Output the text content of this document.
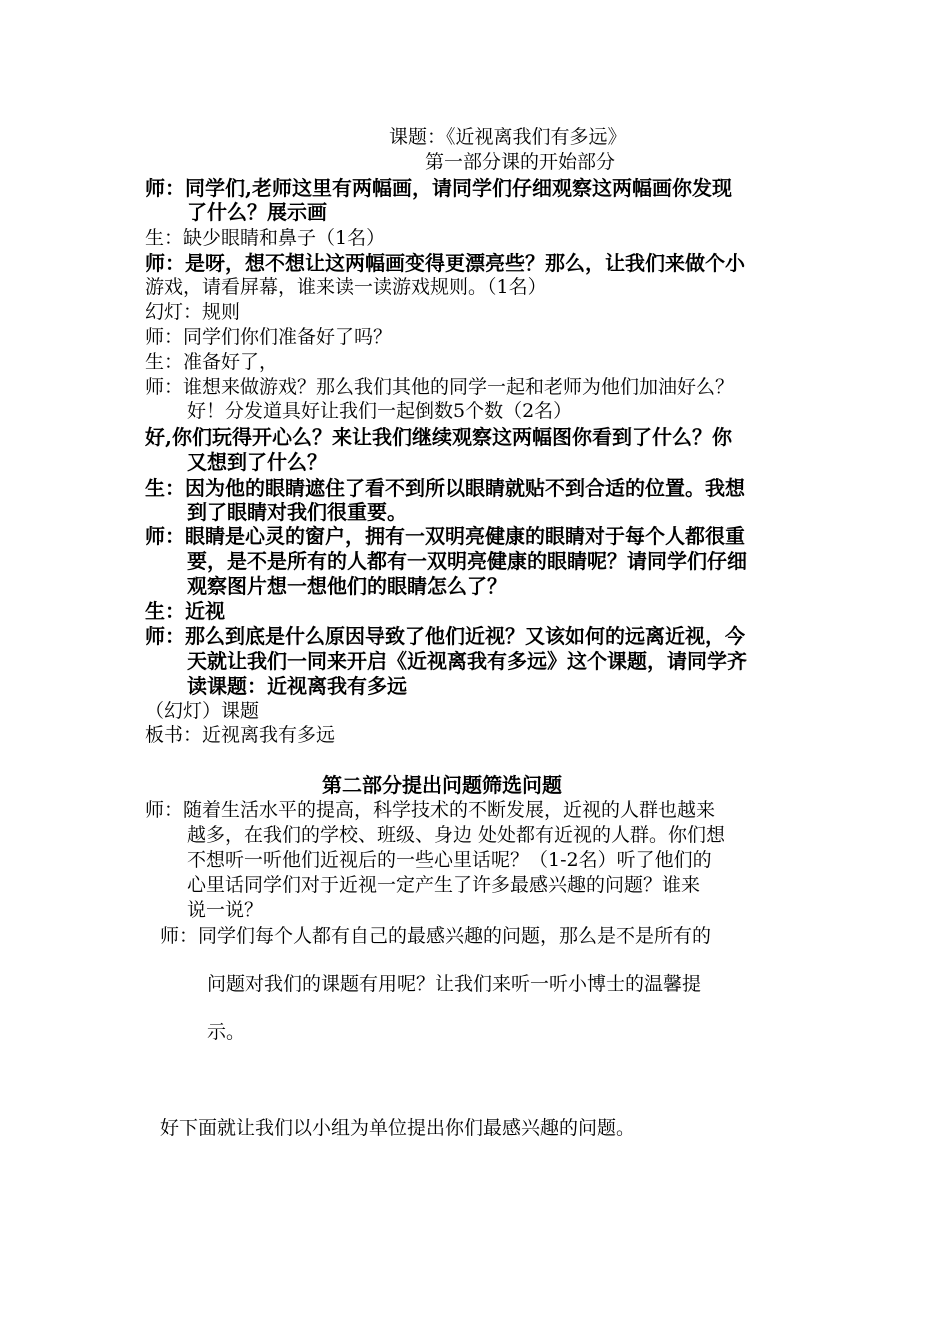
课题：《近视离我们有多远》
第一部分课的开始部分
师：同学们,老师这里有两幅画，请同学们仔细观察这两幅画你发现
了什么？展示画
生：缺少眼睛和鼻子（1名）
师：是呀，想不想让这两幅画变得更漂亮些？那么，让我们来做个小
游戏，请看屏幕，谁来读一读游戏规则。（1名）
幻灯：规则
师：同学们你们准备好了吗？
生：准备好了，
师：谁想来做游戏？那么我们其他的同学一起和老师为他们加油好么？
好！分发道具好让我们一起倒数5个数（2名）
好,你们玩得开心么？来让我们继续观察这两幅图你看到了什么？你
又想到了什么？
生：因为他的眼睛遮住了看不到所以眼睛就贴不到合适的位置。我想
到了眼睛对我们很重要。
师：眼睛是心灵的窗户，拥有一双明亮健康的眼睛对于每个人都很重
要，是不是所有的人都有一双明亮健康的眼睛呢？请同学们仔细
观察图片想一想他们的眼睛怎么了？
生：近视
师：那么到底是什么原因导致了他们近视？又该如何的远离近视，今
天就让我们一同来开启《近视离我有多远》这个课题，请同学齐
读课题：近视离我有多远
（幻灯）课题
板书：近视离我有多远
第二部分提出问题筛选问题
师：随着生活水平的提高，科学技术的不断发展，近视的人群也越来
越多，在我们的学校、班级、身边 处处都有近视的人群。你们想
不想听一听他们近视后的一些心里话呢？（1-2名）听了他们的
心里话同学们对于近视一定产生了许多最感兴趣的问题？谁来
说一说？
师：同学们每个人都有自己的最感兴趣的问题，那么是不是所有的
问题对我们的课题有用呢？让我们来听一听小博士的温馨提
示。
好下面就让我们以小组为单位提出你们最感兴趣的问题。
